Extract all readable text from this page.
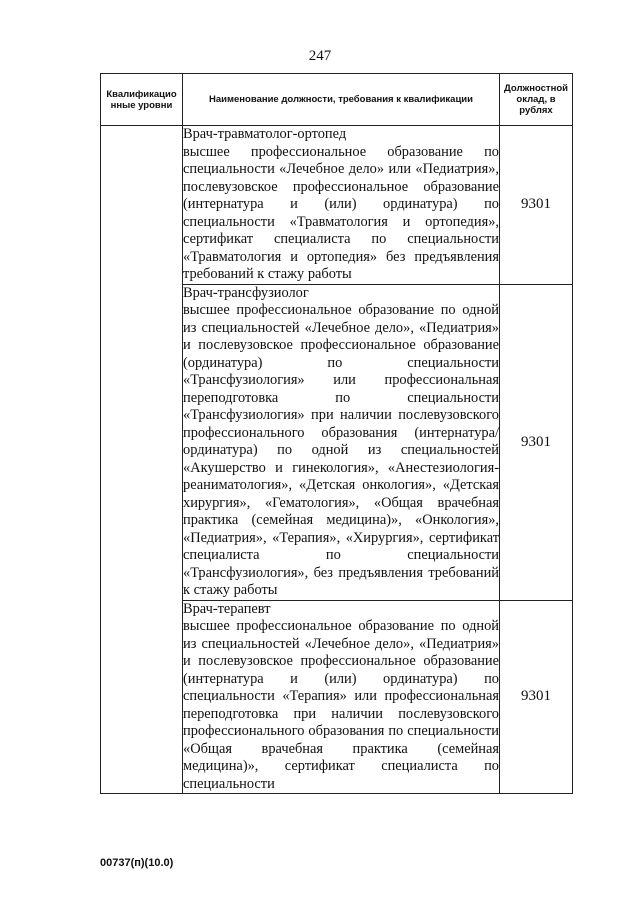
247
Квалификацио нные уровни	Наименование должности, требования к квалификации	Должностной оклад, в рублях

	Врач-травматолог-ортопед
высшее профессиональное образование по специальности «Лечебное дело» или «Педиатрия», послевузовское профессиональное образование (интернатура и (или) ординатура) по специальности «Травматология и ортопедия», сертификат специалиста по специальности «Травматология и ортопедия» без предъявления требований к стажу работы	9301

	Врач-трансфузиолог
высшее профессиональное образование по одной из специальностей «Лечебное дело», «Педиатрия» и послевузовское профессиональное образование (ординатура) по специальности «Трансфузиология» или профессиональная переподготовка по специальности «Трансфузиология» при наличии послевузовского профессионального образования (интернатура/ординатура) по одной из специальностей «Акушерство и гинекология», «Анестезиология-реаниматология», «Детская онкология», «Детская хирургия», «Гематология», «Общая врачебная практика (семейная медицина)», «Онкология», «Педиатрия», «Терапия», «Хирургия», сертификат специалиста по специальности «Трансфузиология», без предъявления требований к стажу работы	9301

	Врач-терапевт
высшее профессиональное образование по одной из специальностей «Лечебное дело», «Педиатрия» и послевузовское профессиональное образование (интернатура и (или) ординатура) по специальности «Терапия» или профессиональная переподготовка при наличии послевузовского профессионального образования по специальности «Общая врачебная практика (семейная медицина)», сертификат специалиста по специальности	9301
00737(п)(10.0)
